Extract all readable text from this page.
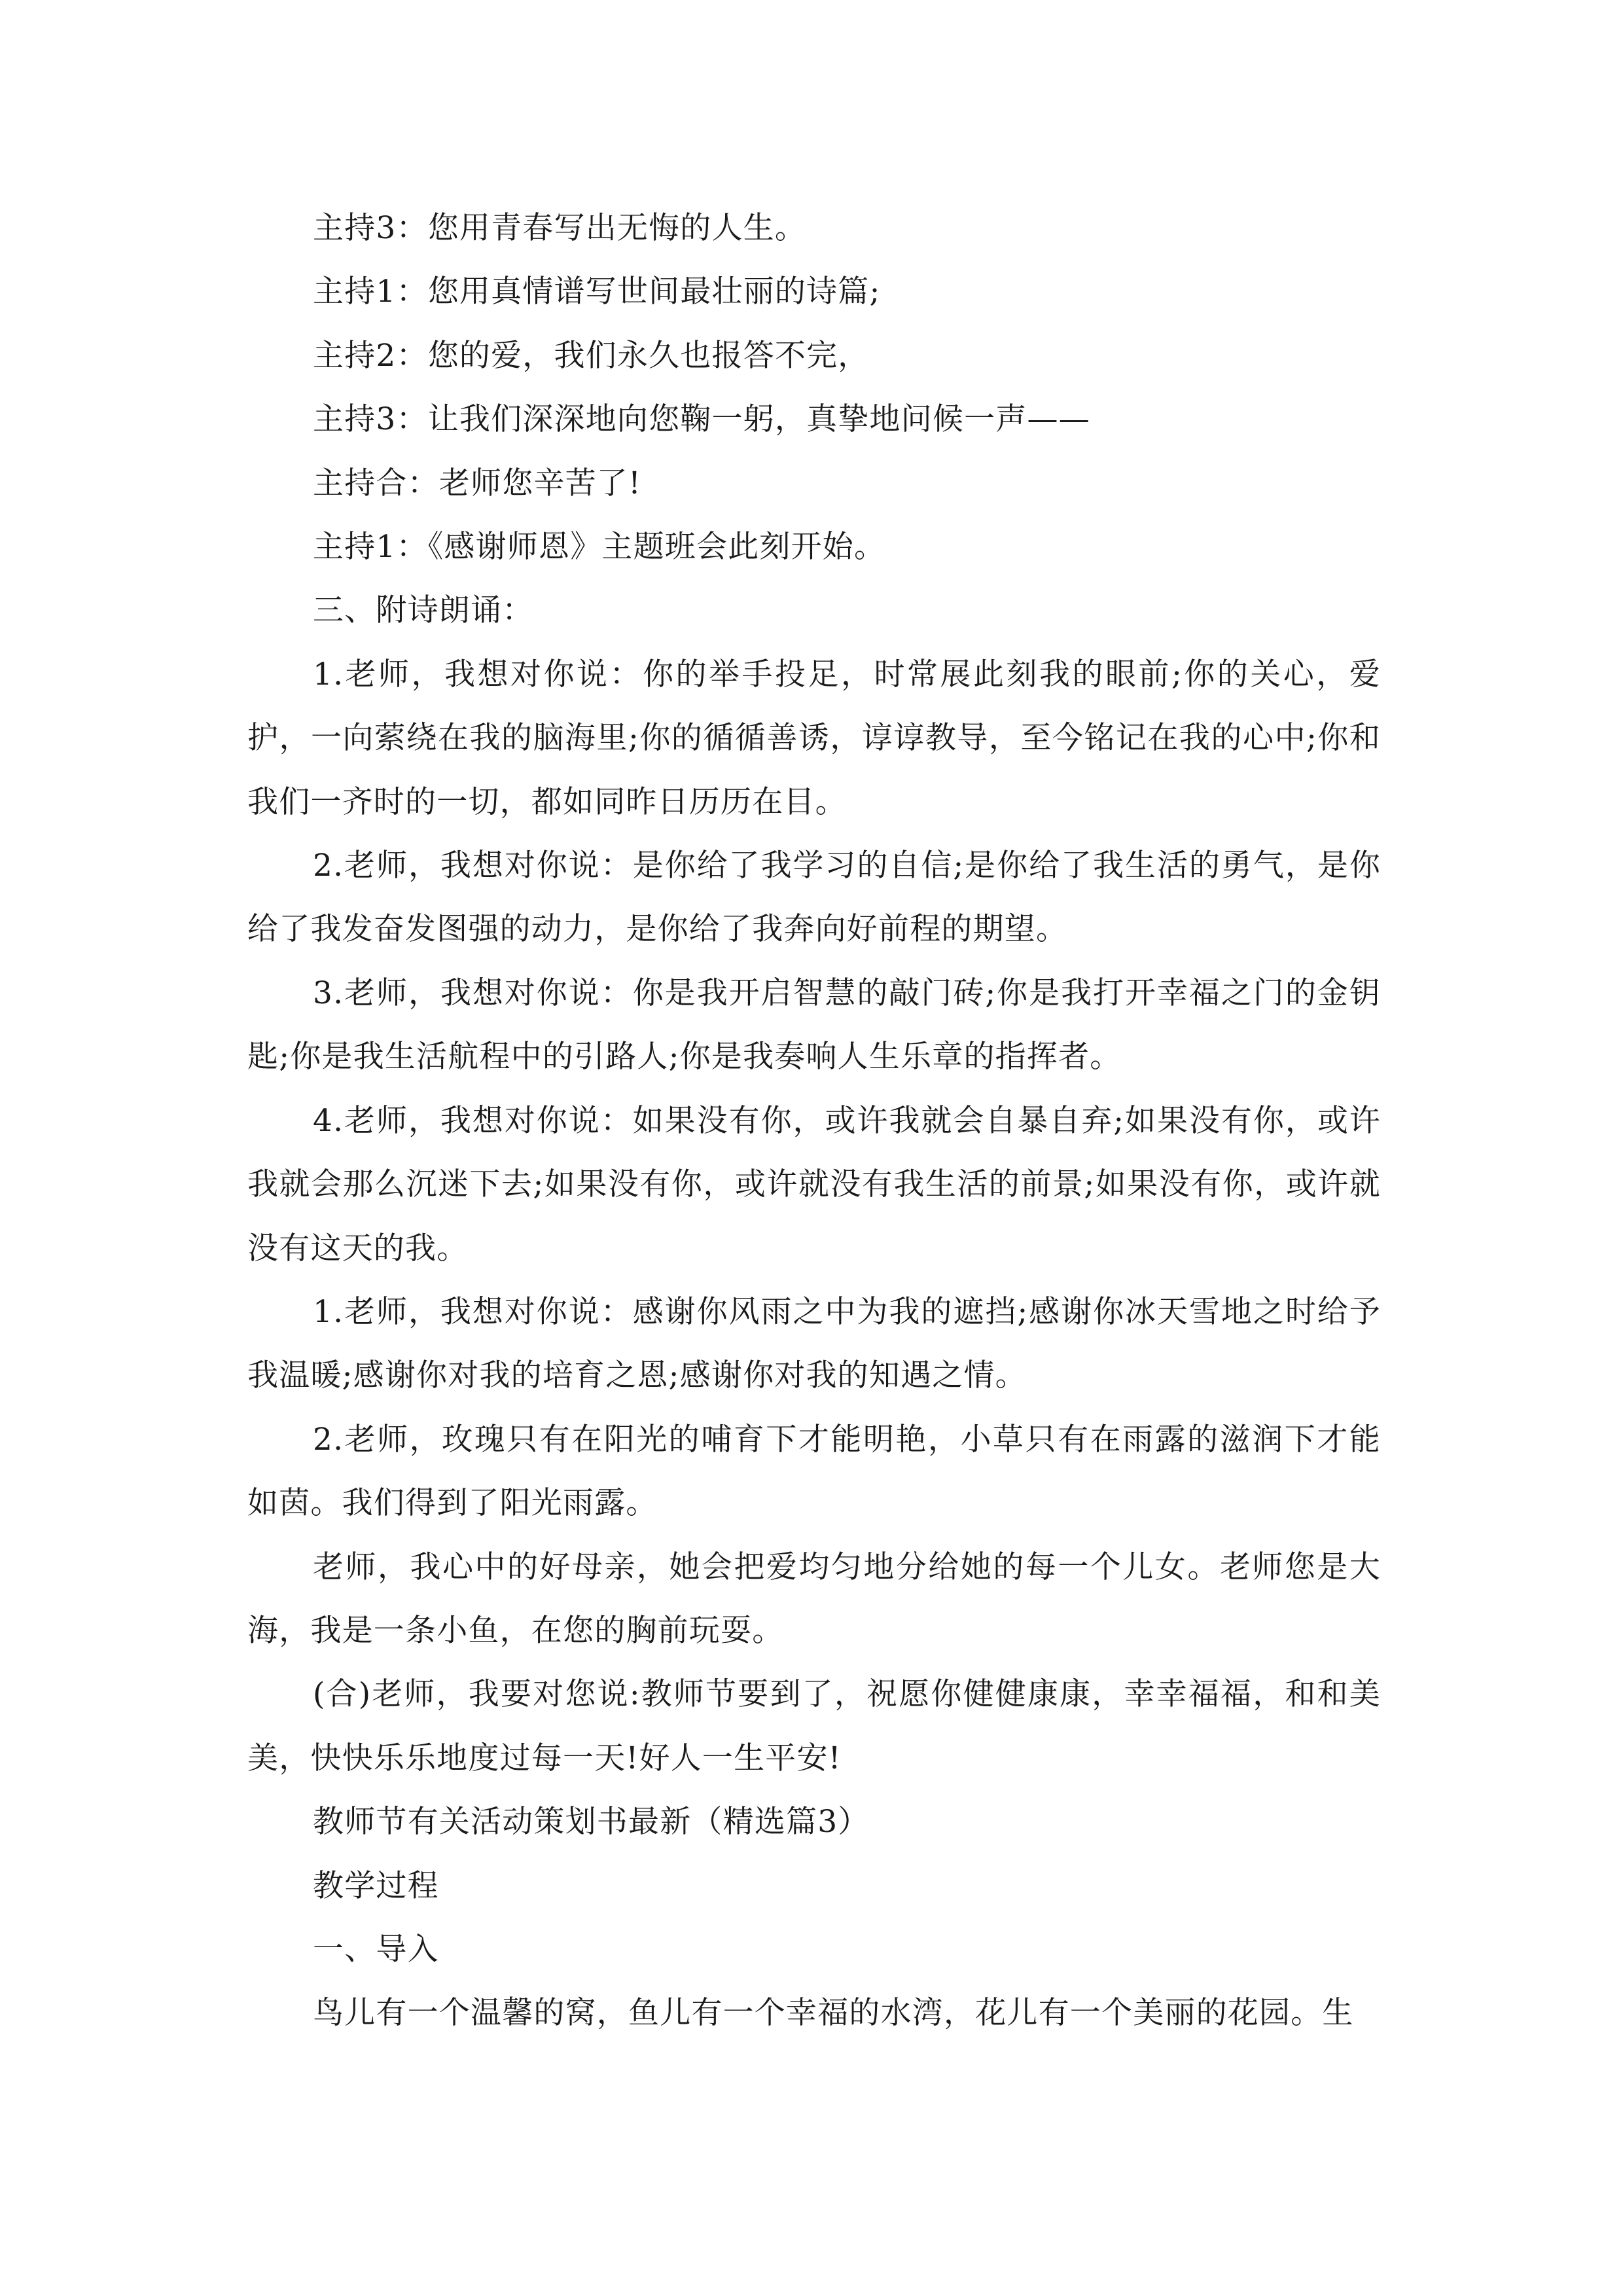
主持3：您用青春写出无悔的人生。

主持1：您用真情谱写世间最壮丽的诗篇;

主持2：您的爱，我们永久也报答不完，

主持3：让我们深深地向您鞠一躬，真挚地问候一声——

主持合：老师您辛苦了!

主持1：《感谢师恩》主题班会此刻开始。

三、附诗朗诵：

1.老师，我想对你说：你的举手投足，时常展此刻我的眼前;你的关心，爱护，一向萦绕在我的脑海里;你的循循善诱，谆谆教导，至今铭记在我的心中;你和我们一齐时的一切，都如同昨日历历在目。

2.老师，我想对你说：是你给了我学习的自信;是你给了我生活的勇气，是你给了我发奋发图强的动力，是你给了我奔向好前程的期望。

3.老师，我想对你说：你是我开启智慧的敲门砖;你是我打开幸福之门的金钥匙;你是我生活航程中的引路人;你是我奏响人生乐章的指挥者。

4.老师，我想对你说：如果没有你，或许我就会自暴自弃;如果没有你，或许我就会那么沉迷下去;如果没有你，或许就没有我生活的前景;如果没有你，或许就没有这天的我。

1.老师，我想对你说：感谢你风雨之中为我的遮挡;感谢你冰天雪地之时给予我温暖;感谢你对我的培育之恩;感谢你对我的知遇之情。

2.老师，玫瑰只有在阳光的哺育下才能明艳，小草只有在雨露的滋润下才能如茵。我们得到了阳光雨露。

老师，我心中的好母亲，她会把爱均匀地分给她的每一个儿女。老师您是大海，我是一条小鱼，在您的胸前玩耍。

(合)老师，我要对您说:教师节要到了，祝愿你健健康康，幸幸福福，和和美美，快快乐乐地度过每一天!好人一生平安!

教师节有关活动策划书最新（精选篇3）

教学过程

一、导入

鸟儿有一个温馨的窝，鱼儿有一个幸福的水湾，花儿有一个美丽的花园。生
